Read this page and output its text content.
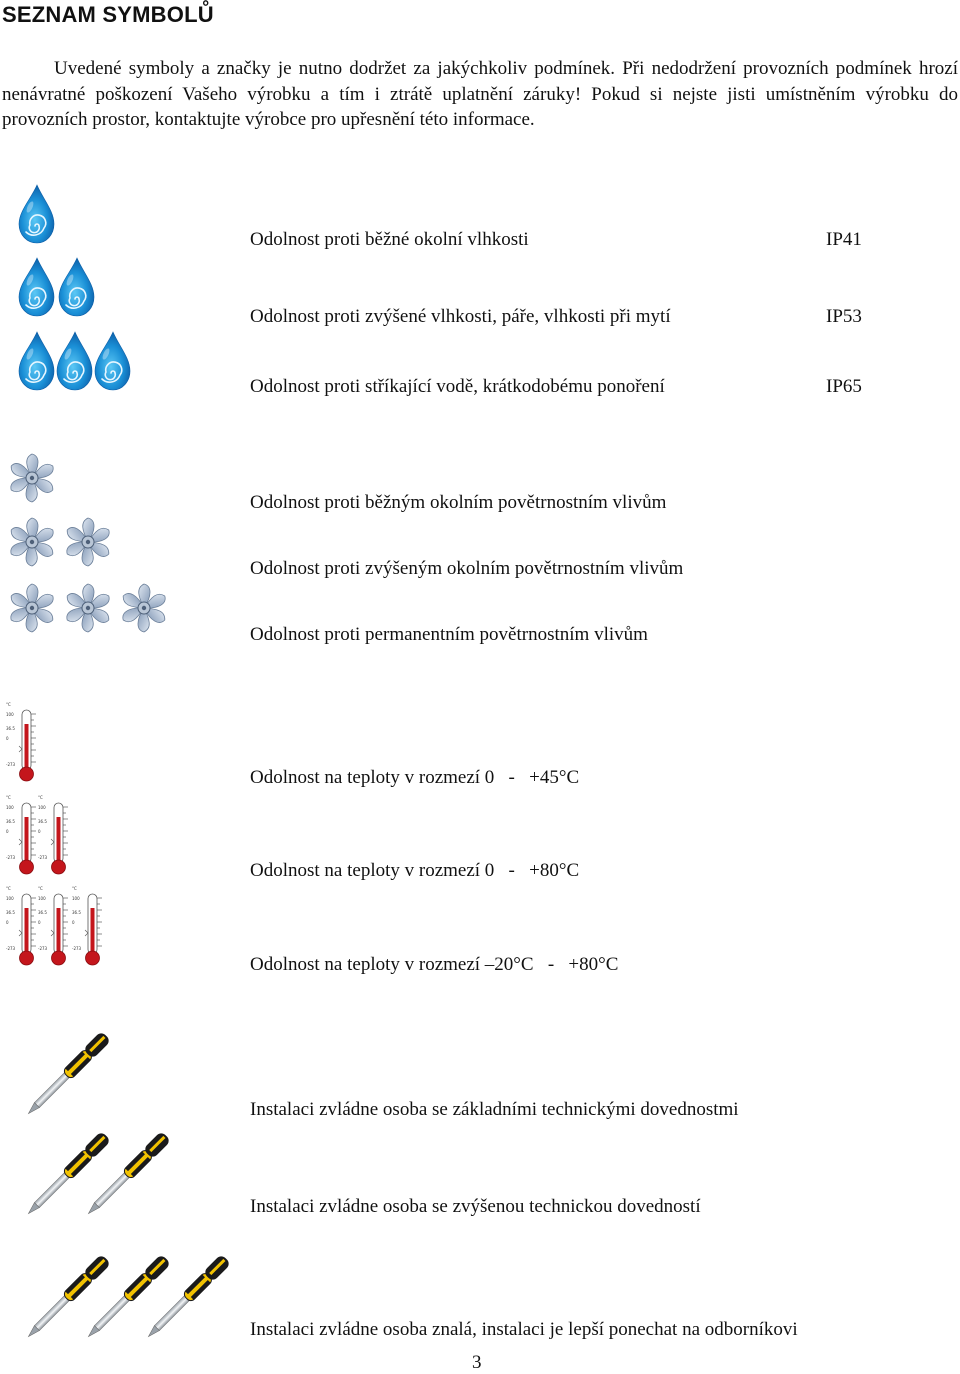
SEZNAM SYMBOLŮ
Uvedené symboly a značky je nutno dodržet za jakýchkoliv podmínek. Při nedodržení provozních podmínek hrozí nenávratné poškození Vašeho výrobku a tím i ztrátě uplatnění záruky! Pokud si nejste jisti umístněním výrobku do provozních prostor, kontaktujte výrobce pro upřesnění této informace.
Odolnost proti běžné okolní vlhkosti	IP41
Odolnost proti zvýšené vlhkosti, páře, vlhkosti při mytí	IP53
Odolnost proti stříkající vodě, krátkodobému ponoření	IP65
Odolnost proti běžným okolním povětrnostním vlivům
Odolnost proti zvýšeným okolním povětrnostním vlivům
Odolnost proti permanentním povětrnostním vlivům
Odolnost na teploty v rozmezí 0   -   +45°C
Odolnost na teploty v rozmezí 0   -   +80°C
Odolnost na teploty v rozmezí –20°C   -   +80°C
Instalaci zvládne osoba se základními technickými dovednostmi
Instalaci zvládne osoba se zvýšenou technickou dovedností
Instalaci zvládne osoba znalá, instalaci je lepší ponechat na odborníkovi
3
